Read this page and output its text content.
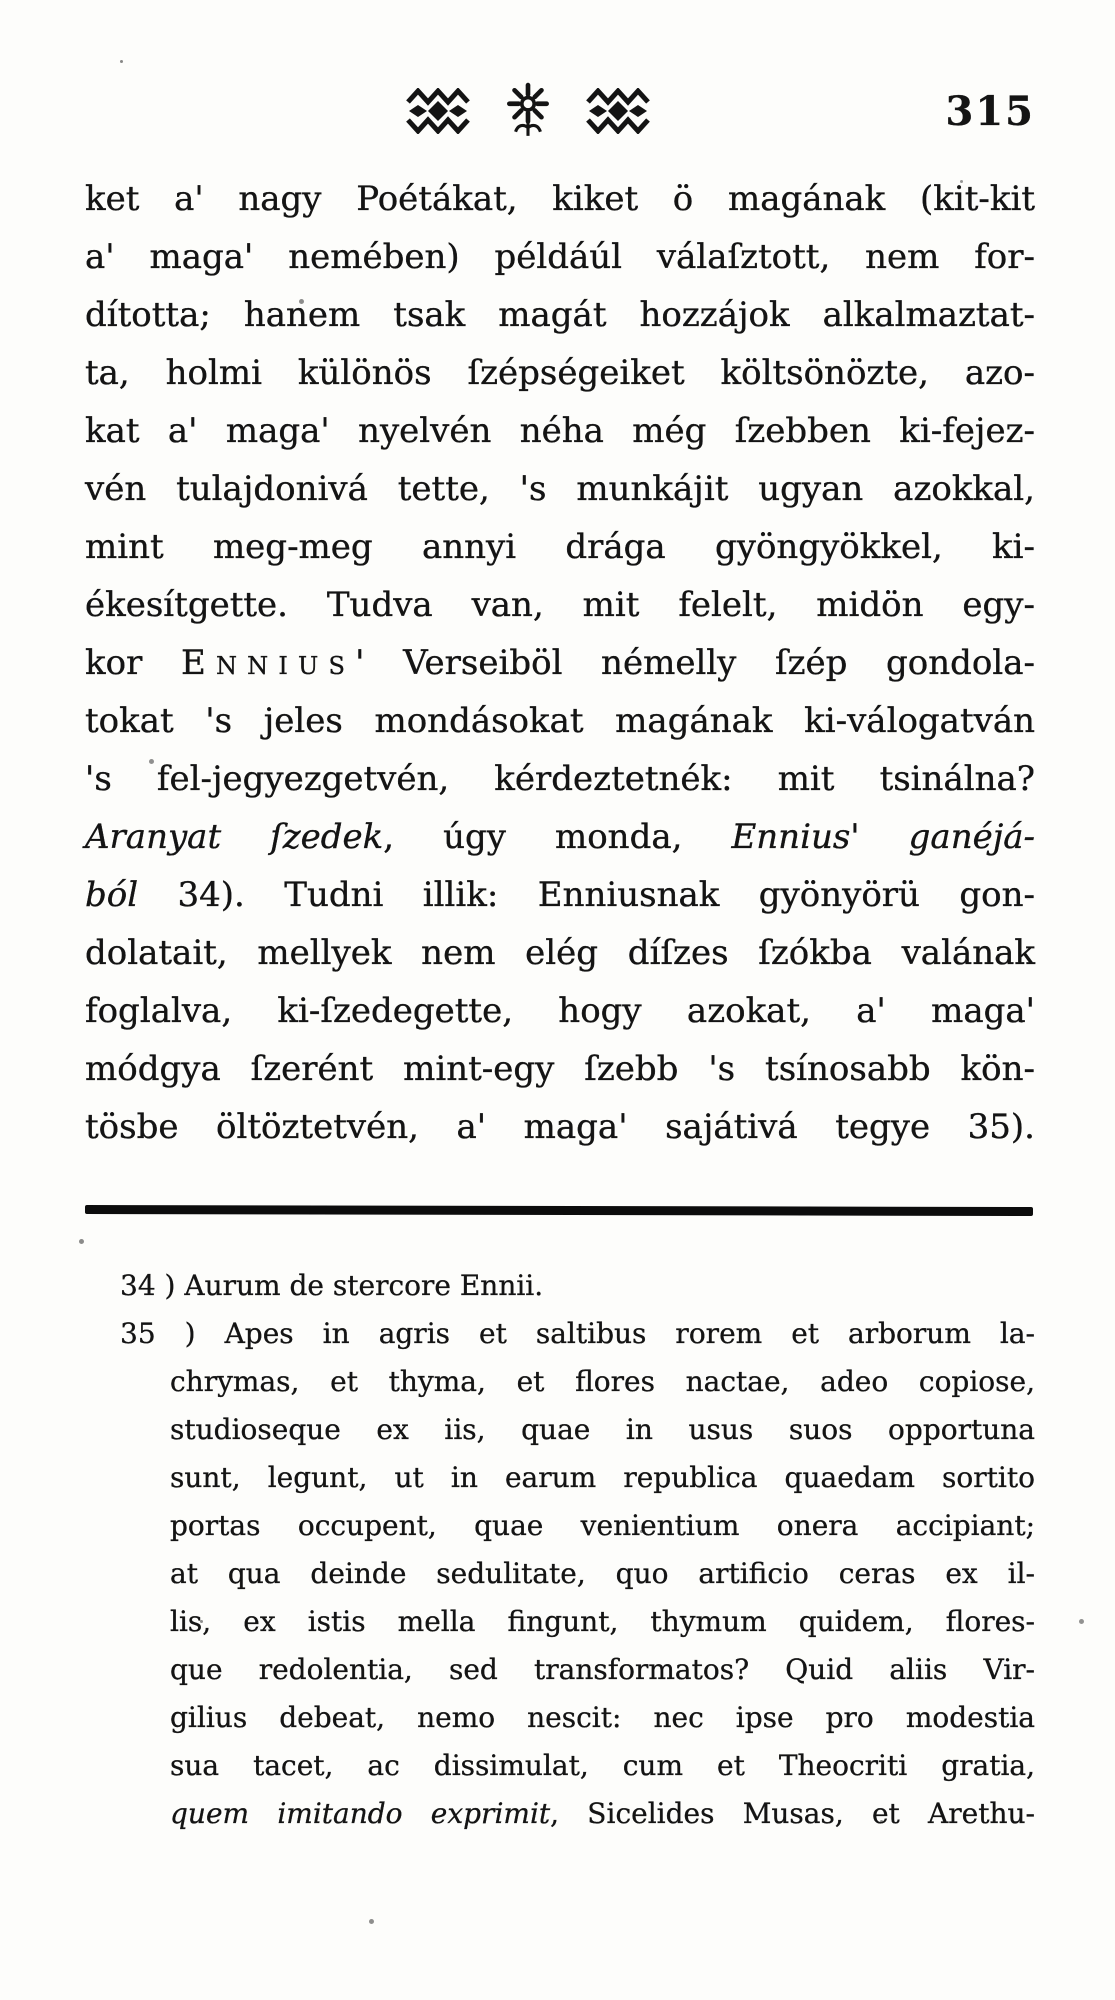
315
ket a' nagy Poétákat, kiket ö magának (kit-kit
a' maga' nemében) példáúl válaſztott, nem for-
dította; hanem tsak magát hozzájok alkalmaztat-
ta, holmi különös ſzépségeiket költsönözte, azo-
kat a' maga' nyelvén néha még ſzebben ki-fejez-
vén tulajdonivá tette, 's munkájit ugyan azokkal,
mint meg-meg annyi drága gyöngyökkel, ki-
ékesítgette. Tudva van, mit felelt, midön egy-
kor Ennius' Verseiböl némelly ſzép gondola-
tokat 's jeles mondásokat magának ki-válogatván
's fel-jegyezgetvén, kérdeztetnék: mit tsinálna?
Aranyat ſzedek, úgy monda, Ennius' ganéjá-
ból 34). Tudni illik: Enniusnak gyönyörü gon-
dolatait, mellyek nem elég díſzes ſzókba valának
foglalva, ki-ſzedegette, hogy azokat, a' maga'
módgya ſzerént mint-egy ſzebb 's tsínosabb kön-
tösbe öltöztetvén, a' maga' sajátivá tegye 35).
34 ) Aurum de stercore Ennii.
35 ) Apes in agris et saltibus rorem et arborum la-
chrymas, et thyma, et flores nactae, adeo copiose,
studioseque ex iis, quae in usus suos opportuna
sunt, legunt, ut in earum republica quaedam sortito
portas occupent, quae venientium onera accipiant;
at qua deinde sedulitate, quo artificio ceras ex il-
lis, ex istis mella fingunt, thymum quidem, flores-
que redolentia, sed transformatos? Quid aliis Vir-
gilius debeat, nemo nescit: nec ipse pro modestia
sua tacet, ac dissimulat, cum et Theocriti gratia,
quem imitando exprimit, Sicelides Musas, et Arethu-
